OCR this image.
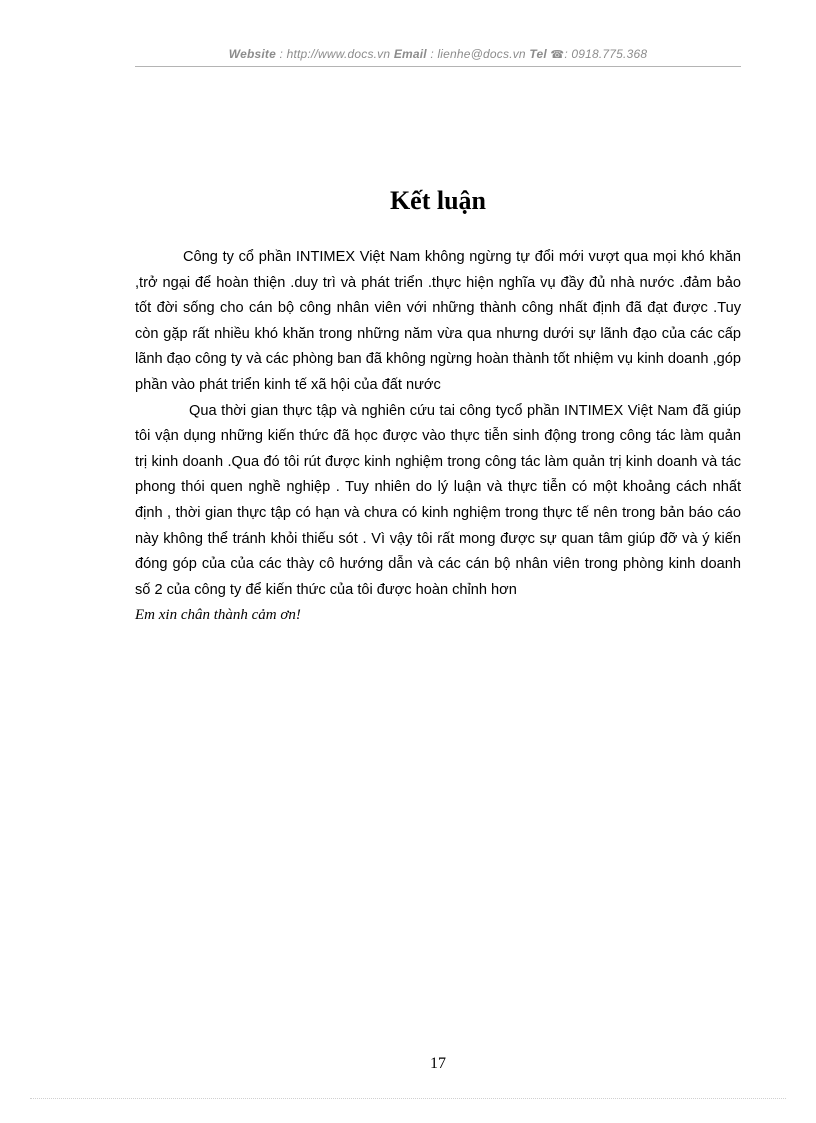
Website : http://www.docs.vn Email : lienhe@docs.vn Tel ☎: 0918.775.368
Kết luận

Công ty cổ phần INTIMEX Việt Nam không ngừng tự đổi mới vượt qua mọi khó khăn ,trở ngại để hoàn thiện .duy trì và phát triển .thực hiện nghĩa vụ đầy đủ nhà nước .đảm bảo tốt đời sống cho cán bộ công nhân viên với những thành công nhất định đã đạt được .Tuy còn gặp rất nhiều khó khăn trong những năm vừa qua nhưng dưới sự lãnh đạo của các cấp lãnh đạo công ty và các phòng ban đã không ngừng hoàn thành tốt nhiệm vụ kinh doanh ,góp phần vào phát triển kinh tế xã hội của đất nước

Qua thời gian thực tập và nghiên cứu tai công tycổ phần INTIMEX Việt Nam đã giúp tôi vận dụng những kiến thức đã học được vào thực tiễn sinh động trong công tác làm quản trị kinh doanh .Qua đó tôi rút được kinh nghiệm trong công tác làm quản trị kinh doanh và tác phong thói quen nghề nghiệp . Tuy nhiên do lý luận và thực tiễn có một khoảng cách nhất định , thời gian thực tập có hạn và chưa có kinh nghiệm trong thực tế nên trong bản báo cáo này không thể tránh khỏi thiếu sót . Vì vậy tôi rất mong được sự quan tâm giúp đỡ và ý kiến đóng góp của của các thày cô hướng dẫn và các cán bộ nhân viên trong phòng kinh doanh số 2 của công ty để kiến thức của tôi được hoàn chỉnh hơn

Em xin chân thành cảm ơn!

17
